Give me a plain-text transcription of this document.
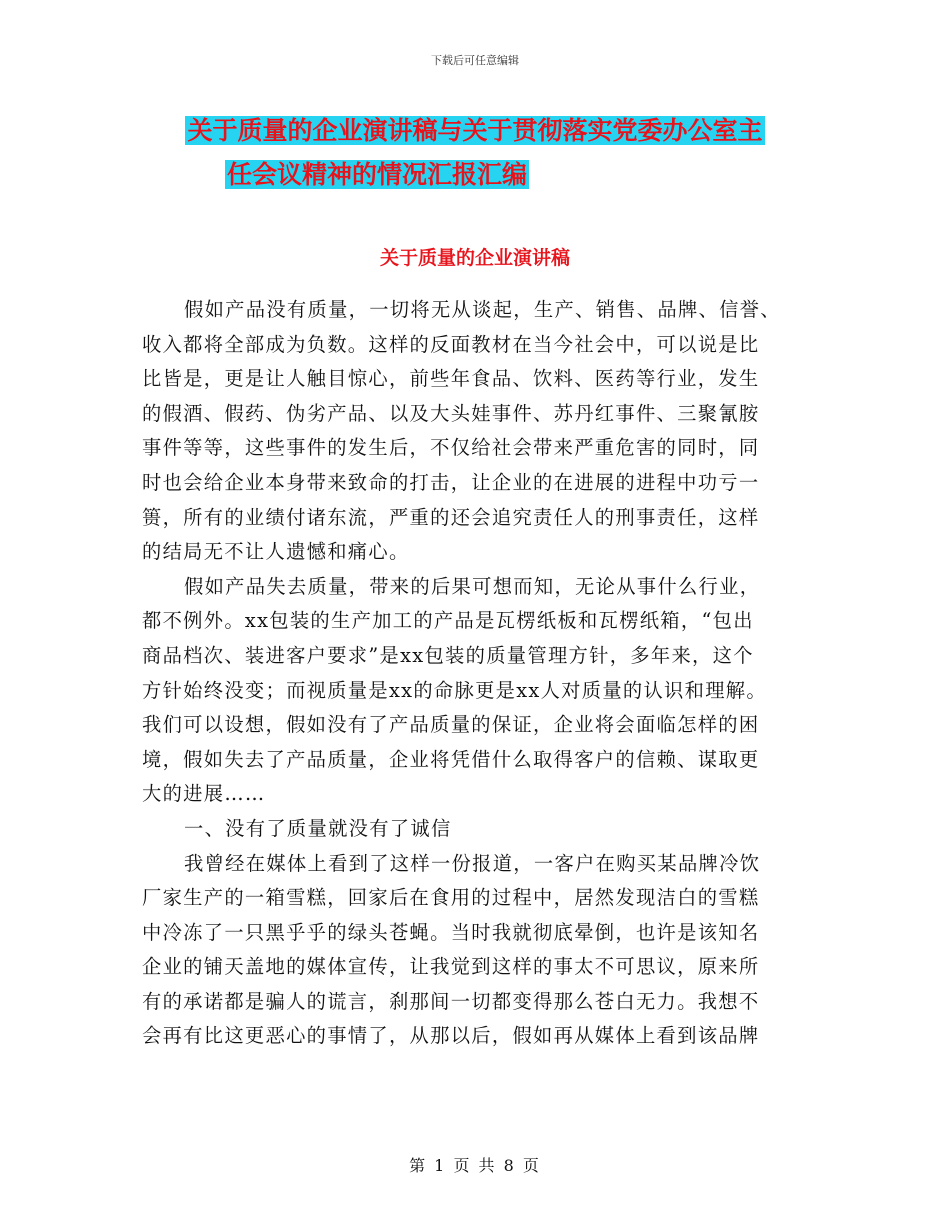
下载后可任意编辑
关于质量的企业演讲稿与关于贯彻落实党委办公室主
任会议精神的情况汇报汇编
关于质量的企业演讲稿

假如产品没有质量，一切将无从谈起，生产、销售、品牌、信誉、

收入都将全部成为负数。这样的反面教材在当今社会中，可以说是比

比皆是，更是让人触目惊心，前些年食品、饮料、医药等行业，发生

的假酒、假药、伪劣产品、以及大头娃事件、苏丹红事件、三聚氰胺

事件等等，这些事件的发生后，不仅给社会带来严重危害的同时，同

时也会给企业本身带来致命的打击，让企业的在进展的进程中功亏一

篑，所有的业绩付诸东流，严重的还会追究责任人的刑事责任，这样

的结局无不让人遗憾和痛心。

假如产品失去质量，带来的后果可想而知，无论从事什么行业，

都不例外。xx包装的生产加工的产品是瓦楞纸板和瓦楞纸箱，“包出

商品档次、装进客户要求”是xx包装的质量管理方针，多年来，这个

方针始终没变；而视质量是xx的命脉更是xx人对质量的认识和理解。

我们可以设想，假如没有了产品质量的保证，企业将会面临怎样的困

境，假如失去了产品质量，企业将凭借什么取得客户的信赖、谋取更

大的进展……

一、没有了质量就没有了诚信

我曾经在媒体上看到了这样一份报道，一客户在购买某品牌冷饮

厂家生产的一箱雪糕，回家后在食用的过程中，居然发现洁白的雪糕

中冷冻了一只黑乎乎的绿头苍蝇。当时我就彻底晕倒，也许是该知名

企业的铺天盖地的媒体宣传，让我觉到这样的事太不可思议，原来所

有的承诺都是骗人的谎言，刹那间一切都变得那么苍白无力。我想不

会再有比这更恶心的事情了，从那以后，假如再从媒体上看到该品牌

第 1 页 共 8 页
